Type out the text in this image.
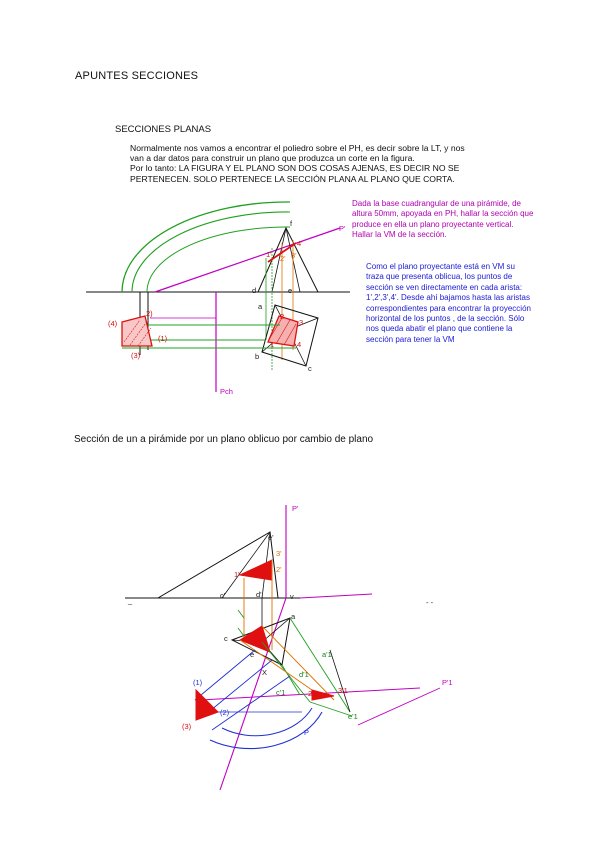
APUNTES SECCIONES
SECCIONES PLANAS

Normalmente nos vamos a encontrar el poliedro sobre el PH, es decir sobre la LT, y nos

van a dar datos para construir un plano que produzca un corte en la figura.

Por lo tanto: LA FIGURA Y EL PLANO SON DOS COSAS AJENAS, ES DECIR NO SE

PERTENECEN. SOLO PERTENECE LA SECCIÓN PLANA AL PLANO QUE CORTA.

P'
Pch
f
4'
1' 2' 3'
d	e
a
b
c
(4)
2)
(1)
(3)
1
2
3
4
Dada la base cuadrangular de una pirámide, de altura 50mm, apoyada en PH, hallar la sección que produce en ella un plano proyectante vertical. Hallar la VM de la sección.
Como el plano proyectante está en VM su traza que presenta oblicua, los puntos de sección se ven directamente en cada arista: 1',2',3',4'. Desde ahí bajamos hasta las aristas correspondientes para encontrar la proyección horizontal de los puntos , de la sección. Sólo nos queda abatir el plano que contiene la sección para tener la VM
Sección de un a pirámide por un plano oblicuo por cambio de plano
P'
e'
3'
2'
1'
c'	d'	v
a
c
e	a'1
d'1
c'1	2'1	3'1
e'1
P'1
(1)
(2)
(3)
_	- -
X
P
